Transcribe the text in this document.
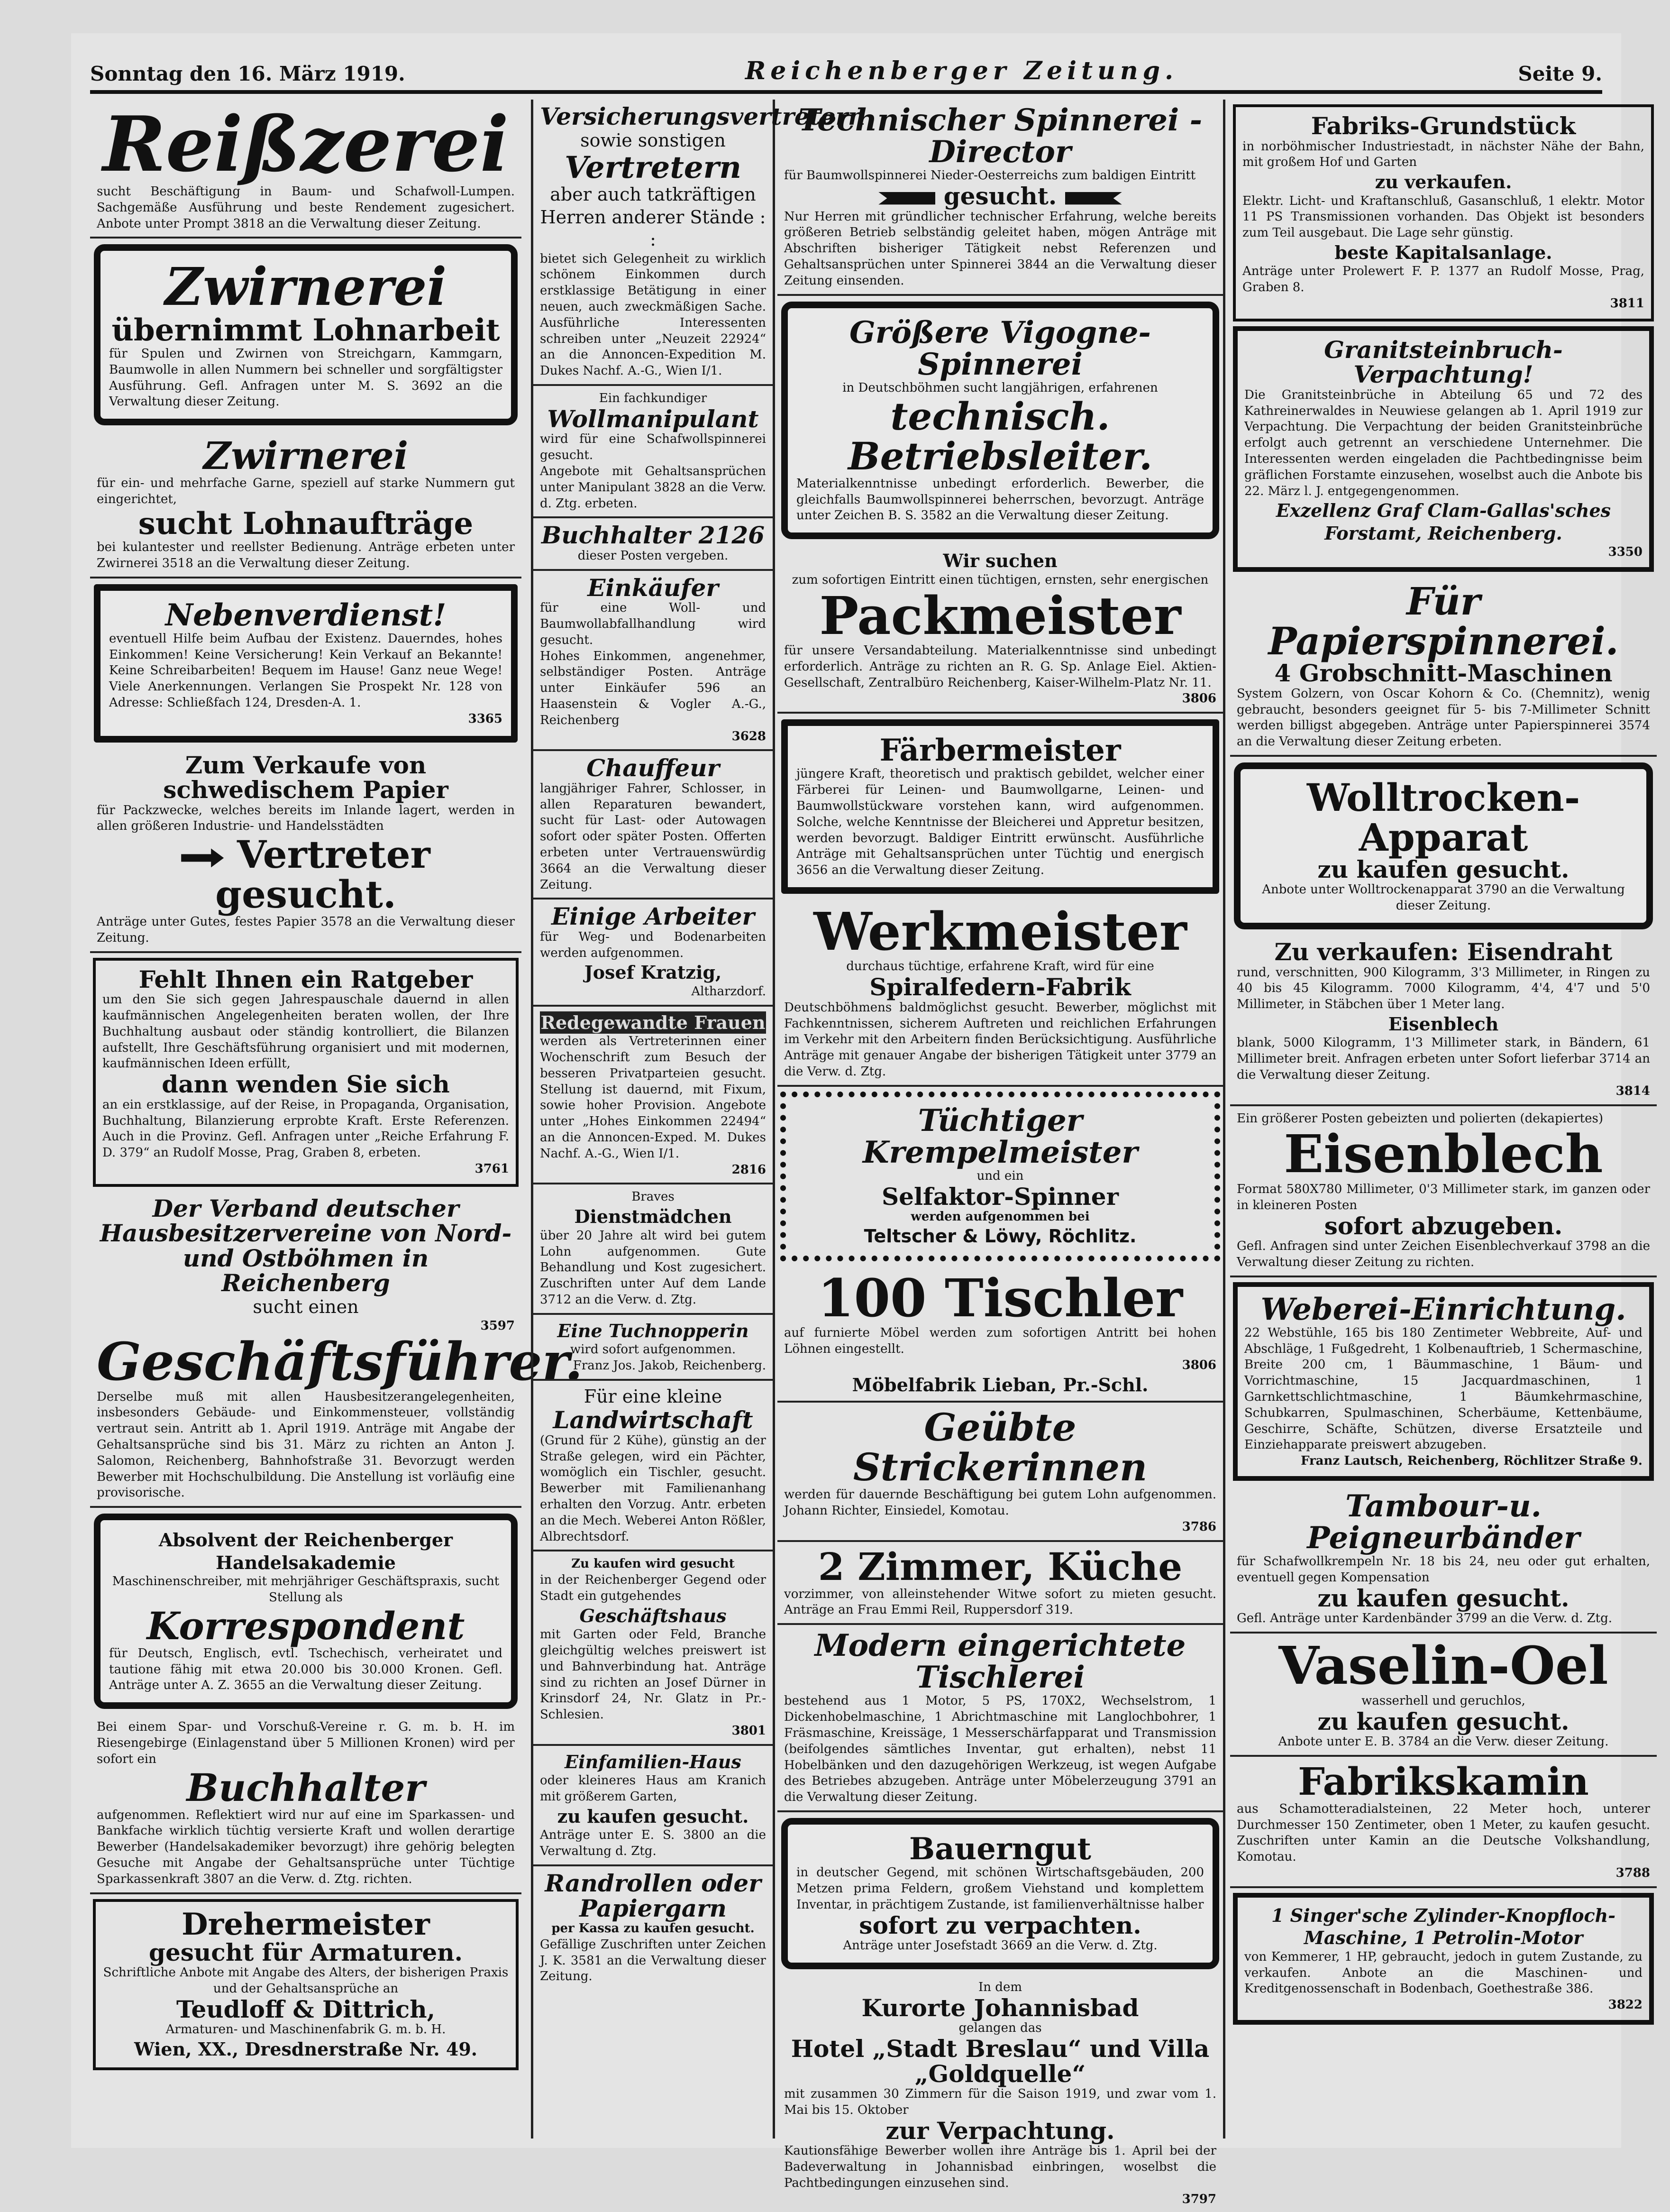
Sonntag den 16. März 1919.	Reichenberger Zeitung.	Seite 9.
Reißzerei
sucht Beschäftigung in Baum- und Schafwoll-Lumpen. Sachgemäße Ausführung und beste Rendement zugesichert. Anbote unter Prompt 3818 an die Verwaltung dieser Zeitung.
Zwirnerei
übernimmt Lohnarbeit
für Spulen und Zwirnen von Streichgarn, Kammgarn, Baumwolle in allen Nummern bei schneller und sorgfältigster Ausführung. Gefl. Anfragen unter M. S. 3692 an die Verwaltung dieser Zeitung.
Zwirnerei
für ein- und mehrfache Garne, speziell auf starke Nummern gut eingerichtet,
sucht Lohnaufträge
bei kulantester und reellster Bedienung. Anträge erbeten unter Zwirnerei 3518 an die Verwaltung dieser Zeitung.
Nebenverdienst!
eventuell Hilfe beim Aufbau der Existenz. Dauerndes, hohes Einkommen! Keine Versicherung! Kein Verkauf an Bekannte! Keine Schreibarbeiten! Bequem im Hause! Ganz neue Wege! Viele Anerkennungen. Verlangen Sie Prospekt Nr. 128 von Adresse: Schließfach 124, Dresden-A. 1.
3365
Zum Verkaufe von schwedischem Papier
für Packzwecke, welches bereits im Inlande lagert, werden in allen größeren Industrie- und Handelsstädten
Vertreter gesucht.
Anträge unter Gutes, festes Papier 3578 an die Verwaltung dieser Zeitung.
Fehlt Ihnen ein Ratgeber
um den Sie sich gegen Jahrespauschale dauernd in allen kaufmännischen Angelegenheiten beraten wollen, der Ihre Buchhaltung ausbaut oder ständig kontrolliert, die Bilanzen aufstellt, Ihre Geschäftsführung organisiert und mit modernen, kaufmännischen Ideen erfüllt,
dann wenden Sie sich
an ein erstklassige, auf der Reise, in Propaganda, Organisation, Buchhaltung, Bilanzierung erprobte Kraft. Erste Referenzen. Auch in die Provinz. Gefl. Anfragen unter „Reiche Erfahrung F. D. 379“ an Rudolf Mosse, Prag, Graben 8, erbeten.
3761
Der Verband deutscher Hausbesitzervereine von Nord- und Ostböhmen in Reichenberg
sucht einen
3597
Geschäftsführer.
Derselbe muß mit allen Hausbesitzerangelegenheiten, insbesonders Gebäude- und Einkommensteuer, vollständig vertraut sein. Antritt ab 1. April 1919. Anträge mit Angabe der Gehaltsansprüche sind bis 31. März zu richten an Anton J. Salomon, Reichenberg, Bahnhofstraße 31. Bevorzugt werden Bewerber mit Hochschulbildung. Die Anstellung ist vorläufig eine provisorische.
Absolvent der Reichenberger Handelsakademie
Maschinenschreiber, mit mehrjähriger Geschäftspraxis, sucht Stellung als
Korrespondent
für Deutsch, Englisch, evtl. Tschechisch, verheiratet und tautione fähig mit etwa 20.000 bis 30.000 Kronen. Gefl. Anträge unter A. Z. 3655 an die Verwaltung dieser Zeitung.
Bei einem Spar- und Vorschuß-Vereine r. G. m. b. H. im Riesengebirge (Einlagenstand über 5 Millionen Kronen) wird per sofort ein
Buchhalter
aufgenommen. Reflektiert wird nur auf eine im Sparkassen- und Bankfache wirklich tüchtig versierte Kraft und wollen derartige Bewerber (Handelsakademiker bevorzugt) ihre gehörig belegten Gesuche mit Angabe der Gehaltsansprüche unter Tüchtige Sparkassenkraft 3807 an die Verw. d. Ztg. richten.
Drehermeister
gesucht für Armaturen.
Schriftliche Anbote mit Angabe des Alters, der bisherigen Praxis und der Gehaltsansprüche an
Teudloff & Dittrich,
Armaturen- und Maschinenfabrik G. m. b. H.
Wien, XX., Dresdnerstraße Nr. 49.
Versicherungsvertretern
sowie sonstigen
Vertretern
aber auch tatkräftigen Herren anderer Stände : :
bietet sich Gelegenheit zu wirklich schönem Einkommen durch erstklassige Betätigung in einer neuen, auch zweckmäßigen Sache. Ausführliche Interessenten schreiben unter „Neuzeit 22924“ an die Annoncen-Expedition M. Dukes Nachf. A.-G., Wien I/1.
Ein fachkundiger
Wollmanipulant
wird für eine Schafwollspinnerei gesucht.
Angebote mit Gehaltsansprüchen unter Manipulant 3828 an die Verw. d. Ztg. erbeten.
Buchhalter 2126
dieser Posten vergeben.
Einkäufer
für eine Woll- und Baumwollabfallhandlung wird gesucht.
Hohes Einkommen, angenehmer, selbständiger Posten. Anträge unter Einkäufer 596 an Haasenstein & Vogler A.-G., Reichenberg
3628
Chauffeur
langjähriger Fahrer, Schlosser, in allen Reparaturen bewandert, sucht für Last- oder Autowagen sofort oder später Posten. Offerten erbeten unter Vertrauenswürdig 3664 an die Verwaltung dieser Zeitung.
Einige Arbeiter
für Weg- und Bodenarbeiten werden aufgenommen.
Josef Kratzig,
Altharzdorf.
Redegewandte Frauen
werden als Vertreterinnen einer Wochenschrift zum Besuch der besseren Privatparteien gesucht. Stellung ist dauernd, mit Fixum, sowie hoher Provision. Angebote unter „Hohes Einkommen 22494“ an die Annoncen-Exped. M. Dukes Nachf. A.-G., Wien I/1.
2816
Braves
Dienstmädchen
über 20 Jahre alt wird bei gutem Lohn aufgenommen. Gute Behandlung und Kost zugesichert. Zuschriften unter Auf dem Lande 3712 an die Verw. d. Ztg.
Eine Tuchnopperin
wird sofort aufgenommen.
Franz Jos. Jakob, Reichenberg.
Für eine kleine
Landwirtschaft
(Grund für 2 Kühe), günstig an der Straße gelegen, wird ein Pächter, womöglich ein Tischler, gesucht. Bewerber mit Familienanhang erhalten den Vorzug. Antr. erbeten an die Mech. Weberei Anton Rößler, Albrechtsdorf.
Zu kaufen wird gesucht
in der Reichenberger Gegend oder Stadt ein gutgehendes
Geschäftshaus
mit Garten oder Feld, Branche gleichgültig welches preiswert ist und Bahnverbindung hat. Anträge sind zu richten an Josef Dürner in Krinsdorf 24, Nr. Glatz in Pr.-Schlesien.
3801
Einfamilien-Haus
oder kleineres Haus am Kranich mit größerem Garten,
zu kaufen gesucht.
Anträge unter E. S. 3800 an die Verwaltung d. Ztg.
Randrollen oder Papiergarn
per Kassa zu kaufen gesucht.
Gefällige Zuschriften unter Zeichen J. K. 3581 an die Verwaltung dieser Zeitung.
Technischer Spinnerei - Director
für Baumwollspinnerei Nieder-Oesterreichs zum baldigen Eintritt
gesucht.
Nur Herren mit gründlicher technischer Erfahrung, welche bereits größeren Betrieb selbständig geleitet haben, mögen Anträge mit Abschriften bisheriger Tätigkeit nebst Referenzen und Gehaltsansprüchen unter Spinnerei 3844 an die Verwaltung dieser Zeitung einsenden.
Größere Vigogne-Spinnerei
in Deutschböhmen sucht langjährigen, erfahrenen
technisch. Betriebsleiter.
Materialkenntnisse unbedingt erforderlich. Bewerber, die gleichfalls Baumwollspinnerei beherrschen, bevorzugt. Anträge unter Zeichen B. S. 3582 an die Verwaltung dieser Zeitung.
Wir suchen
zum sofortigen Eintritt einen tüchtigen, ernsten, sehr energischen
Packmeister
für unsere Versandabteilung. Materialkenntnisse sind unbedingt erforderlich. Anträge zu richten an R. G. Sp. Anlage Eiel. Aktien-Gesellschaft, Zentralbüro Reichenberg, Kaiser-Wilhelm-Platz Nr. 11.
3806
Färbermeister
jüngere Kraft, theoretisch und praktisch gebildet, welcher einer Färberei für Leinen- und Baumwollgarne, Leinen- und Baumwollstückware vorstehen kann, wird aufgenommen. Solche, welche Kenntnisse der Bleicherei und Appretur besitzen, werden bevorzugt. Baldiger Eintritt erwünscht. Ausführliche Anträge mit Gehaltsansprüchen unter Tüchtig und energisch 3656 an die Verwaltung dieser Zeitung.
Werkmeister
durchaus tüchtige, erfahrene Kraft, wird für eine
Spiralfedern-Fabrik
Deutschböhmens baldmöglichst gesucht. Bewerber, möglichst mit Fachkenntnissen, sicherem Auftreten und reichlichen Erfahrungen im Verkehr mit den Arbeitern finden Berücksichtigung. Ausführliche Anträge mit genauer Angabe der bisherigen Tätigkeit unter 3779 an die Verw. d. Ztg.
Tüchtiger Krempelmeister
und ein
Selfaktor-Spinner
werden aufgenommen bei
Teltscher & Löwy, Röchlitz.
100 Tischler
auf furnierte Möbel werden zum sofortigen Antritt bei hohen Löhnen eingestellt.
3806
Möbelfabrik Lieban, Pr.-Schl.
Geübte Strickerinnen
werden für dauernde Beschäftigung bei gutem Lohn aufgenommen. Johann Richter, Einsiedel, Komotau.
3786
2 Zimmer, Küche
vorzimmer, von alleinstehender Witwe sofort zu mieten gesucht. Anträge an Frau Emmi Reil, Ruppersdorf 319.
Modern eingerichtete Tischlerei
bestehend aus 1 Motor, 5 PS, 170X2, Wechselstrom, 1 Dickenhobelmaschine, 1 Abrichtmaschine mit Langlochbohrer, 1 Fräsmaschine, Kreissäge, 1 Messerschärfapparat und Transmission (beifolgendes sämtliches Inventar, gut erhalten), nebst 11 Hobelbänken und den dazugehörigen Werkzeug, ist wegen Aufgabe des Betriebes abzugeben. Anträge unter Möbelerzeugung 3791 an die Verwaltung dieser Zeitung.
Bauerngut
in deutscher Gegend, mit schönen Wirtschaftsgebäuden, 200 Metzen prima Feldern, großem Viehstand und komplettem Inventar, in prächtigem Zustande, ist familienverhältnisse halber
sofort zu verpachten.
Anträge unter Josefstadt 3669 an die Verw. d. Ztg.
In dem
Kurorte Johannisbad
gelangen das
Hotel „Stadt Breslau“ und Villa „Goldquelle“
mit zusammen 30 Zimmern für die Saison 1919, und zwar vom 1. Mai bis 15. Oktober
zur Verpachtung.
Kautionsfähige Bewerber wollen ihre Anträge bis 1. April bei der Badeverwaltung in Johannisbad einbringen, woselbst die Pachtbedingungen einzusehen sind.
3797
Fabriks-Grundstück
in norböhmischer Industriestadt, in nächster Nähe der Bahn, mit großem Hof und Garten
zu verkaufen.
Elektr. Licht- und Kraftanschluß, Gasanschluß, 1 elektr. Motor 11 PS Transmissionen vorhanden. Das Objekt ist besonders zum Teil ausgebaut. Die Lage sehr günstig.
beste Kapitalsanlage.
Anträge unter Prolewert F. P. 1377 an Rudolf Mosse, Prag, Graben 8.
3811
Granitsteinbruch-Verpachtung!
Die Granitsteinbrüche in Abteilung 65 und 72 des Kathreinerwaldes in Neuwiese gelangen ab 1. April 1919 zur Verpachtung. Die Verpachtung der beiden Granitsteinbrüche erfolgt auch getrennt an verschiedene Unternehmer. Die Interessenten werden eingeladen die Pachtbedingnisse beim gräflichen Forstamte einzusehen, woselbst auch die Anbote bis 22. März l. J. entgegengenommen.
Exzellenz Graf Clam-Gallas'sches Forstamt, Reichenberg.
3350
Für Papierspinnerei.
4 Grobschnitt-Maschinen
System Golzern, von Oscar Kohorn & Co. (Chemnitz), wenig gebraucht, besonders geeignet für 5- bis 7-Millimeter Schnitt werden billigst abgegeben. Anträge unter Papierspinnerei 3574 an die Verwaltung dieser Zeitung erbeten.
Wolltrocken-Apparat
zu kaufen gesucht.
Anbote unter Wolltrockenapparat 3790 an die Verwaltung dieser Zeitung.
Zu verkaufen: Eisendraht
rund, verschnitten, 900 Kilogramm, 3'3 Millimeter, in Ringen zu 40 bis 45 Kilogramm. 7000 Kilogramm, 4'4, 4'7 und 5'0 Millimeter, in Stäbchen über 1 Meter lang.
Eisenblech
blank, 5000 Kilogramm, 1'3 Millimeter stark, in Bändern, 61 Millimeter breit. Anfragen erbeten unter Sofort lieferbar 3714 an die Verwaltung dieser Zeitung.
3814
Ein größerer Posten gebeizten und polierten (dekapiertes)
Eisenblech
Format 580X780 Millimeter, 0'3 Millimeter stark, im ganzen oder in kleineren Posten
sofort abzugeben.
Gefl. Anfragen sind unter Zeichen Eisenblechverkauf 3798 an die Verwaltung dieser Zeitung zu richten.
Weberei-Einrichtung.
22 Webstühle, 165 bis 180 Zentimeter Webbreite, Auf- und Abschläge, 1 Fußgedreht, 1 Kolbenauftrieb, 1 Schermaschine, Breite 200 cm, 1 Bäummaschine, 1 Bäum- und Vorrichtmaschine, 15 Jacquardmaschinen, 1 Garnkettschlichtmaschine, 1 Bäumkehrmaschine, Schubkarren, Spulmaschinen, Scherbäume, Kettenbäume, Geschirre, Schäfte, Schützen, diverse Ersatzteile und Einziehapparate preiswert abzugeben.
Franz Lautsch, Reichenberg, Röchlitzer Straße 9.
Tambour-u. Peigneurbänder
für Schafwollkrempeln Nr. 18 bis 24, neu oder gut erhalten, eventuell gegen Kompensation
zu kaufen gesucht.
Gefl. Anträge unter Kardenbänder 3799 an die Verw. d. Ztg.
Vaselin-Oel
wasserhell und geruchlos,
zu kaufen gesucht.
Anbote unter E. B. 3784 an die Verw. dieser Zeitung.
Fabrikskamin
aus Schamotteradialsteinen, 22 Meter hoch, unterer Durchmesser 150 Zentimeter, oben 1 Meter, zu kaufen gesucht. Zuschriften unter Kamin an die Deutsche Volkshandlung, Komotau.
3788
1 Singer'sche Zylinder-Knopfloch-Maschine, 1 Petrolin-Motor
von Kemmerer, 1 HP, gebraucht, jedoch in gutem Zustande, zu verkaufen. Anbote an die Maschinen- und Kreditgenossenschaft in Bodenbach, Goethestraße 386.
3822
